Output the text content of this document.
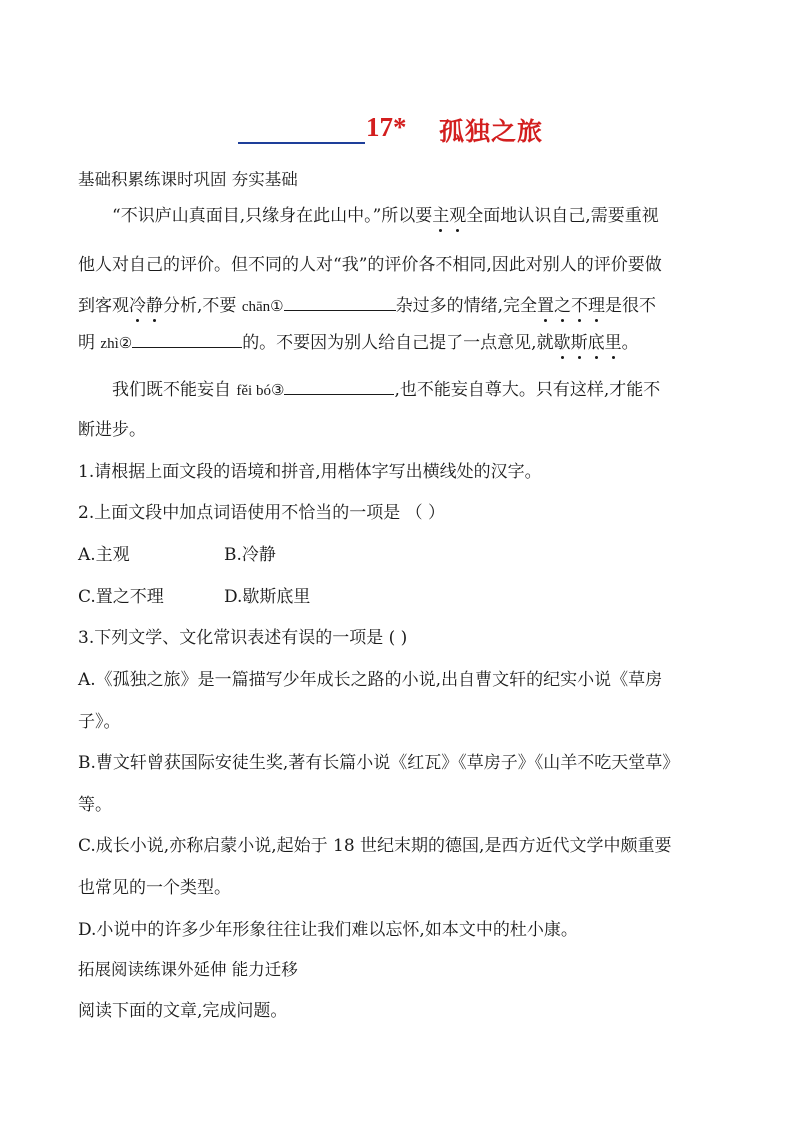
17* 孤独之旅
基础积累练课时巩固 夯实基础
“不识庐山真面目,只缘身在此山中。”所以要主观全面地认识自己,需要重视
他人对自己的评价。但不同的人对“我”的评价各不相同,因此对别人的评价要做
到客观冷静分析,不要 chān①	杂过多的情绪,完全置之不理是很不
明 zhì②	的。不要因为别人给自己提了一点意见,就歇斯底里。
我们既不能妄自 fěi bó③	,也不能妄自尊大。只有这样,才能不
断进步。
1.请根据上面文段的语境和拼音,用楷体字写出横线处的汉字。
2.上面文段中加点词语使用不恰当的一项是 （ ）
A.主观	B.冷静
C.置之不理	D.歇斯底里
3.下列文学、文化常识表述有误的一项是 ( )
A.《孤独之旅》是一篇描写少年成长之路的小说,出自曹文轩的纪实小说《草房
子》。
B.曹文轩曾获国际安徒生奖,著有长篇小说《红瓦》《草房子》《山羊不吃天堂草》
等。
C.成长小说,亦称启蒙小说,起始于 18 世纪末期的德国,是西方近代文学中颇重要
也常见的一个类型。
D.小说中的许多少年形象往往让我们难以忘怀,如本文中的杜小康。
拓展阅读练课外延伸 能力迁移
阅读下面的文章,完成问题。
